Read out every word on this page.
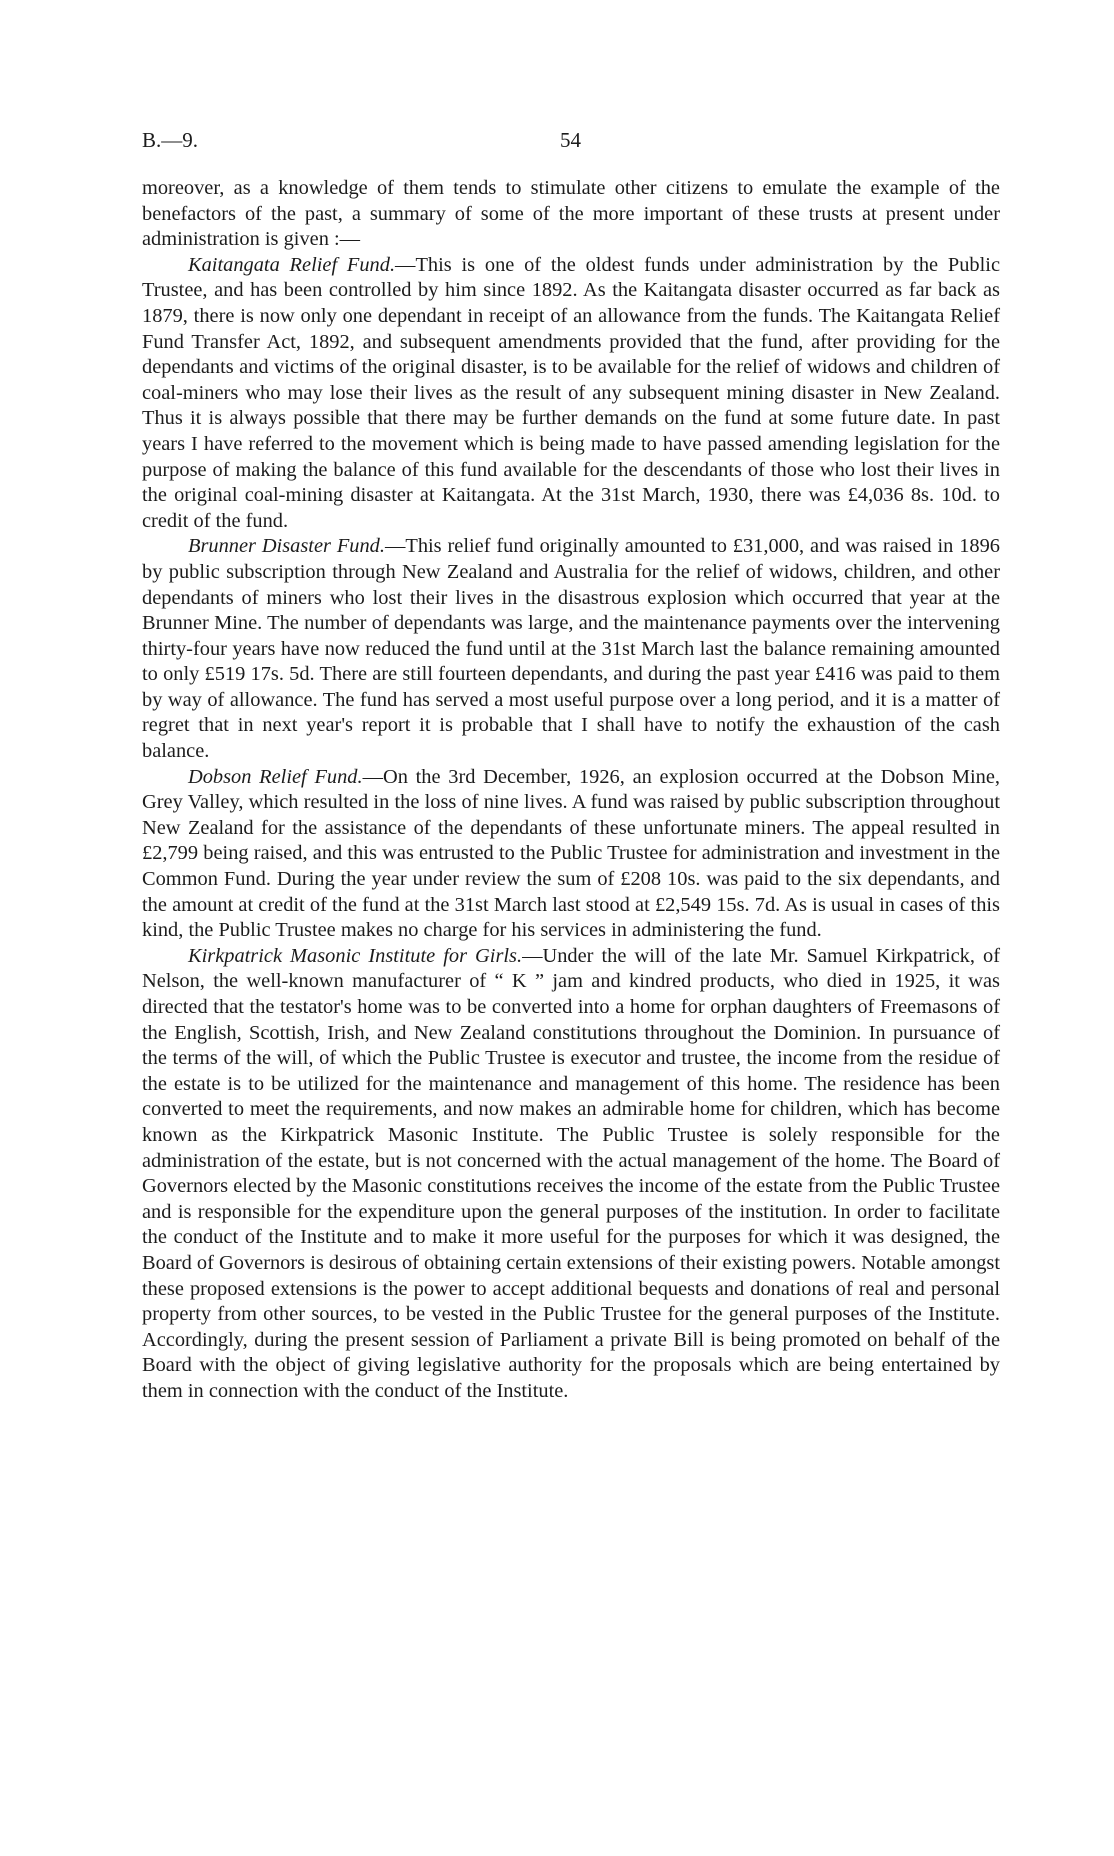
B.—9.	54

moreover, as a knowledge of them tends to stimulate other citizens to emulate the example of the benefactors of the past, a summary of some of the more important of these trusts at present under administration is given :—

Kaitangata Relief Fund.—This is one of the oldest funds under administration by the Public Trustee, and has been controlled by him since 1892. As the Kaitangata disaster occurred as far back as 1879, there is now only one dependant in receipt of an allowance from the funds. The Kaitangata Relief Fund Transfer Act, 1892, and subsequent amendments provided that the fund, after providing for the dependants and victims of the original disaster, is to be available for the relief of widows and children of coal-miners who may lose their lives as the result of any subsequent mining disaster in New Zealand. Thus it is always possible that there may be further demands on the fund at some future date. In past years I have referred to the movement which is being made to have passed amending legislation for the purpose of making the balance of this fund available for the descendants of those who lost their lives in the original coal-mining disaster at Kaitangata. At the 31st March, 1930, there was £4,036 8s. 10d. to credit of the fund.

Brunner Disaster Fund.—This relief fund originally amounted to £31,000, and was raised in 1896 by public subscription through New Zealand and Australia for the relief of widows, children, and other dependants of miners who lost their lives in the disastrous explosion which occurred that year at the Brunner Mine. The number of dependants was large, and the maintenance payments over the intervening thirty-four years have now reduced the fund until at the 31st March last the balance remaining amounted to only £519 17s. 5d. There are still fourteen dependants, and during the past year £416 was paid to them by way of allowance. The fund has served a most useful purpose over a long period, and it is a matter of regret that in next year's report it is probable that I shall have to notify the exhaustion of the cash balance.

Dobson Relief Fund.—On the 3rd December, 1926, an explosion occurred at the Dobson Mine, Grey Valley, which resulted in the loss of nine lives. A fund was raised by public subscription throughout New Zealand for the assistance of the dependants of these unfortunate miners. The appeal resulted in £2,799 being raised, and this was entrusted to the Public Trustee for administration and investment in the Common Fund. During the year under review the sum of £208 10s. was paid to the six dependants, and the amount at credit of the fund at the 31st March last stood at £2,549 15s. 7d. As is usual in cases of this kind, the Public Trustee makes no charge for his services in administering the fund.

Kirkpatrick Masonic Institute for Girls.—Under the will of the late Mr. Samuel Kirkpatrick, of Nelson, the well-known manufacturer of “ K ” jam and kindred products, who died in 1925, it was directed that the testator's home was to be converted into a home for orphan daughters of Freemasons of the English, Scottish, Irish, and New Zealand constitutions throughout the Dominion. In pursuance of the terms of the will, of which the Public Trustee is executor and trustee, the income from the residue of the estate is to be utilized for the maintenance and management of this home. The residence has been converted to meet the requirements, and now makes an admirable home for children, which has become known as the Kirkpatrick Masonic Institute. The Public Trustee is solely responsible for the administration of the estate, but is not concerned with the actual management of the home. The Board of Governors elected by the Masonic constitutions receives the income of the estate from the Public Trustee and is responsible for the expenditure upon the general purposes of the institution. In order to facilitate the conduct of the Institute and to make it more useful for the purposes for which it was designed, the Board of Governors is desirous of obtaining certain extensions of their existing powers. Notable amongst these proposed extensions is the power to accept additional bequests and donations of real and personal property from other sources, to be vested in the Public Trustee for the general purposes of the Institute. Accordingly, during the present session of Parliament a private Bill is being promoted on behalf of the Board with the object of giving legislative authority for the proposals which are being entertained by them in connection with the conduct of the Institute.
